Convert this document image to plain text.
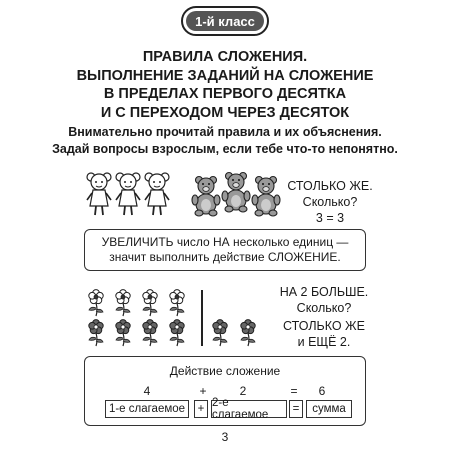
1-й класс
ПРАВИЛА СЛОЖЕНИЯ.
ВЫПОЛНЕНИЕ ЗАДАНИЙ НА СЛОЖЕНИЕ
В ПРЕДЕЛАХ ПЕРВОГО ДЕСЯТКА
И С ПЕРЕХОДОМ ЧЕРЕЗ ДЕСЯТОК
Внимательно прочитай правила и их объяснения.
Задай вопросы взрослым, если тебе что-то непонятно.
СТОЛЬКО ЖЕ.
Сколько?
3 = 3
УВЕЛИЧИТЬ число НА несколько единиц —
значит выполнить действие СЛОЖЕНИЕ.
НА 2 БОЛЬШЕ.
Сколько?
СТОЛЬКО ЖЕ
и ЕЩЁ 2.
Действие сложение
4	+	2	=	6
1-е слагаемое	+ 2-е слагаемое	=	сумма
3
